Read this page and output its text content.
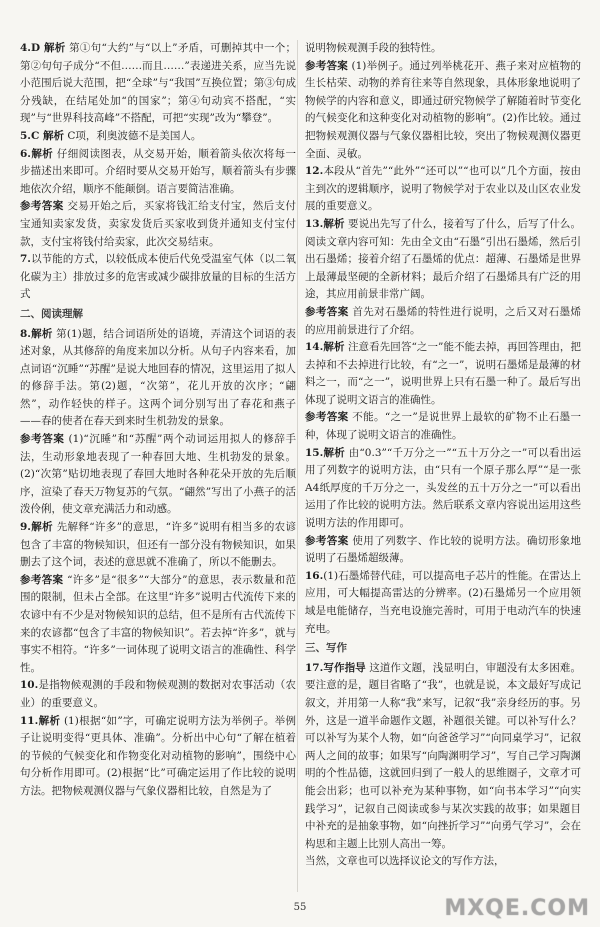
4.D 解析 第①句“大约”与“以上”矛盾，可删掉其中一个；第②句句子成分“不但……而且……”表递进关系，应当先说小范围后说大范围，把“全球”与“我国”互换位置；第③句成分残缺，在结尾处加“的国家”；第④句动宾不搭配，“实现”与“世界科技高峰”不搭配，可把“实现”改为“攀登”。

5.C 解析 C项，利奥波德不是美国人。

6.解析 仔细阅读图表，从交易开始，顺着箭头依次将每一步描述出来即可。介绍时要从交易开始写，顺着箭头有步骤地依次介绍，顺序不能颠倒。语言要简洁准确。

参考答案 交易开始之后，买家将钱汇给支付宝，然后支付宝通知卖家发货，卖家发货后买家收到货并通知支付宝付款，支付宝将钱付给卖家，此次交易结束。

7.以节能的方式，以较低成本使后代免受温室气体（以二氧化碳为主）排放过多的危害或减少碳排放量的目标的生活方式

二、阅读理解

8.解析 第(1)题，结合词语所处的语境，弄清这个词语的表述对象，从其修辞的角度来加以分析。从句子内容来看，加点词语“沉睡”“苏醒”是说大地回春的情况，这里运用了拟人的修辞手法。第(2)题，“次第”，花儿开放的次序；“翩然”，动作轻快的样子。这两个词分别写出了春花和燕子——春的使者在春天到来时生机勃发的景象。

参考答案 (1)“沉睡”和“苏醒”两个动词运用拟人的修辞手法，生动形象地表现了一种春回大地、生机勃发的景象。(2)“次第”贴切地表现了春回大地时各种花朵开放的先后顺序，渲染了春天万物复苏的气氛。“翩然”写出了小燕子的活泼伶俐，使文章充满活力和动感。

9.解析 先解释“许多”的意思，“许多”说明有相当多的农谚包含了丰富的物候知识，但还有一部分没有物候知识，如果删去了这个词，表述的意思就不准确了，所以不能删去。

参考答案 “许多”是“很多”“大部分”的意思，表示数量和范围的限制，但未占全部。在这里“许多”说明古代流传下来的农谚中有不少是对物候知识的总结，但不是所有古代流传下来的农谚都“包含了丰富的物候知识”。若去掉“许多”，就与事实不相符。“许多”一词体现了说明文语言的准确性、科学性。

10.是指物候观测的手段和物候观测的数据对农事活动（农业）的重要意义。

11.解析 (1)根据“如”字，可确定说明方法为举例子。举例子让说明变得“更具体、准确”。分析出中心句“了解在植着的节候的气候变化和作物变化对动植物的影响”，围绕中心句分析作用即可。(2)根据“比”可确定运用了作比较的说明方法。把物候观测仪器与气象仪器相比较，自然是为了

说明物候观测手段的独特性。

参考答案 (1)举例子。通过列举桃花开、燕子来对应植物的生长枯荣、动物的养育往来等自然现象，具体形象地说明了物候学的内容和意义，即通过研究物候学了解随着时节变化的气候变化和这种变化对动植物的影响”。(2)作比较。通过把物候观测仪器与气象仪器相比较，突出了物候观测仪器更全面、灵敏。

12.本段从“首先”“此外”“还可以”“也可以”几个方面，按由主到次的逻辑顺序，说明了物候学对于农业以及山区农业发展的重要意义。

13.解析 要说出先写了什么，接着写了什么，后写了什么。阅读文章内容可知：先由全文由“石墨”引出石墨烯，然后引出石墨烯；接着介绍了石墨烯的优点：超薄、石墨烯是世界上最薄最坚硬的全新材料；最后介绍了石墨烯具有广泛的用途，其应用前景非常广阔。

参考答案 首先对石墨烯的特性进行说明，之后又对石墨烯的应用前景进行了介绍。

14.解析 注意看先回答“之一”能不能去掉，再回答理由，把去掉和不去掉进行比较，有“之一”，说明石墨烯是最薄的材料之一，而“之一”，说明世界上只有石墨一种了。最后写出体现了说明文语言的准确性。

参考答案 不能。“之一”是说世界上最软的矿物不止石墨一种，体现了说明文语言的准确性。

15.解析 由“0.3”“千万分之一”“五十万分之一”可以看出运用了列数字的说明方法，由“只有一个原子那么厚”“是一张A4纸厚度的千万分之一，头发丝的五十万分之一”可以看出运用了作比较的说明方法。然后联系文章内容说出运用这些说明方法的作用即可。

参考答案 使用了列数字、作比较的说明方法。确切形象地说明了石墨烯超级薄。

16.(1)石墨烯替代硅，可以提高电子芯片的性能。在雷达上应用，可大幅提高雷达的分辨率。(2)石墨烯另一个应用领域是电能储存，当充电设施完善时，可用于电动汽车的快速充电。

三、写作

17.写作指导 这道作文题，浅显明白，审题没有太多困难。要注意的是，题目省略了“我”，也就是说，本文最好写成记叙文，并用第一人称“我”来写，记叙“我”亲身经历的事。另外，这是一道半命题作文题，补题很关键。可以补写什么？可以补写为某个人物，如“向爸爸学习”“向同桌学习”，记叙两人之间的故事；如果写“向陶渊明学习”，写自己学习陶渊明的个性品德，这就回归到了一般人的思维圈子，文章才可能会出彩；也可以补充为某种事物，如“向书本学习”“向实践学习”，记叙自己阅读或参与某次实践的故事；如果题目中补充的是抽象事物，如“向挫折学习”“向勇气学习”，会在构思和主题上比别人高出一筹。

当然，文章也可以选择议论文的写作方法，

55	MXQE.COM
